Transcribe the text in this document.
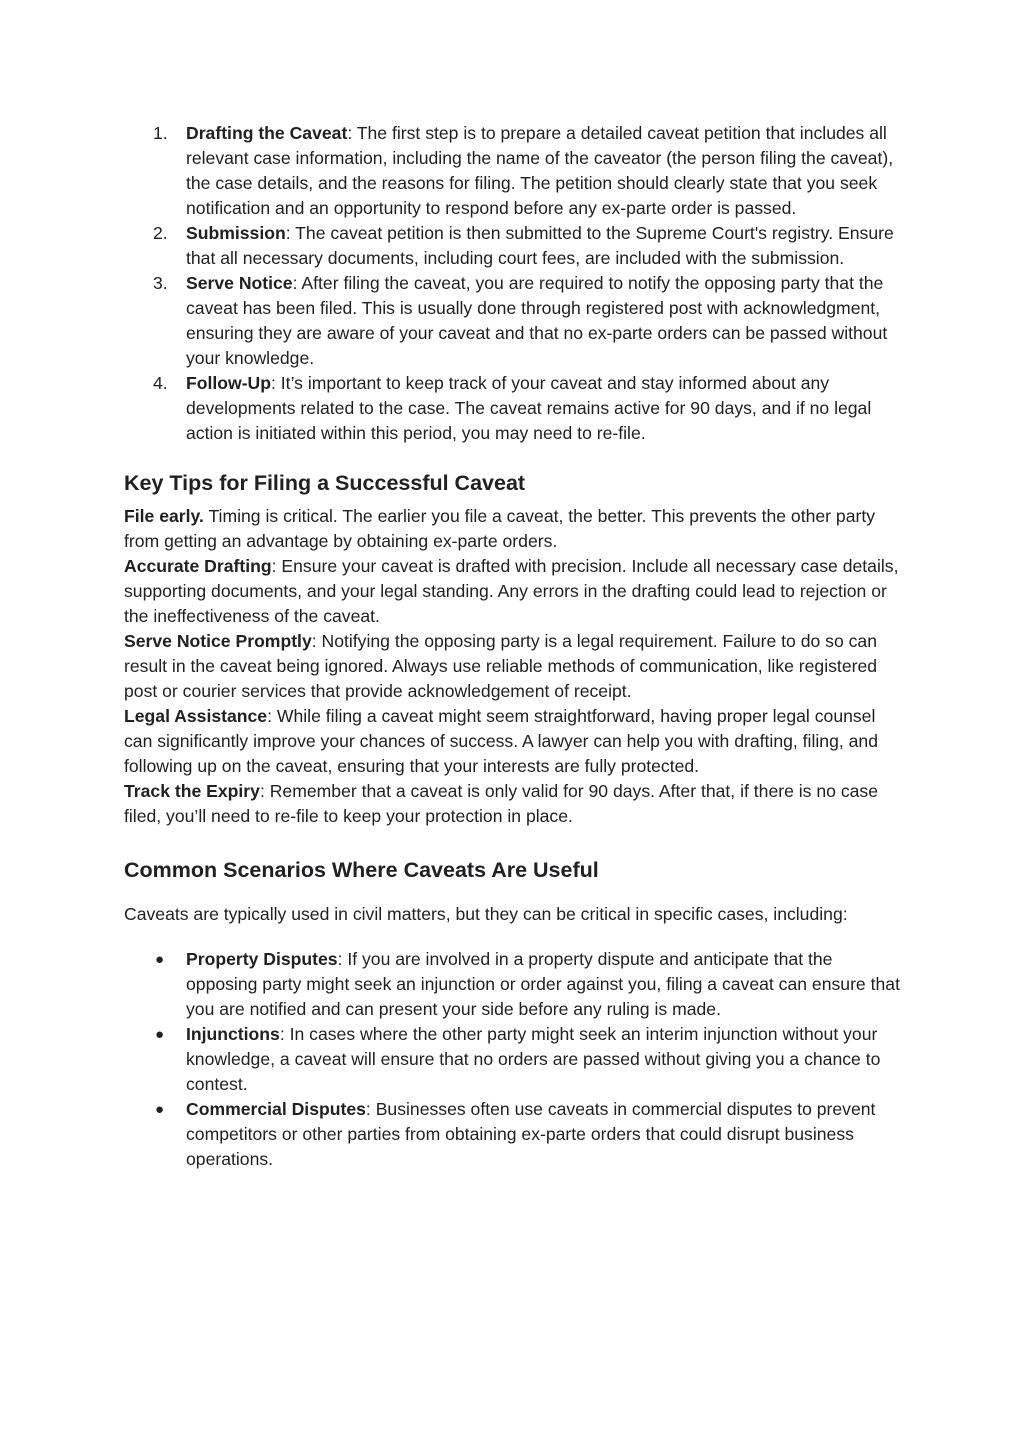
1. Drafting the Caveat: The first step is to prepare a detailed caveat petition that includes all relevant case information, including the name of the caveator (the person filing the caveat), the case details, and the reasons for filing. The petition should clearly state that you seek notification and an opportunity to respond before any ex-parte order is passed.
2. Submission: The caveat petition is then submitted to the Supreme Court's registry. Ensure that all necessary documents, including court fees, are included with the submission.
3. Serve Notice: After filing the caveat, you are required to notify the opposing party that the caveat has been filed. This is usually done through registered post with acknowledgment, ensuring they are aware of your caveat and that no ex-parte orders can be passed without your knowledge.
4. Follow-Up: It’s important to keep track of your caveat and stay informed about any developments related to the case. The caveat remains active for 90 days, and if no legal action is initiated within this period, you may need to re-file.
Key Tips for Filing a Successful Caveat

File early. Timing is critical. The earlier you file a caveat, the better. This prevents the other party from getting an advantage by obtaining ex-parte orders.

Accurate Drafting: Ensure your caveat is drafted with precision. Include all necessary case details, supporting documents, and your legal standing. Any errors in the drafting could lead to rejection or the ineffectiveness of the caveat.

Serve Notice Promptly: Notifying the opposing party is a legal requirement. Failure to do so can result in the caveat being ignored. Always use reliable methods of communication, like registered post or courier services that provide acknowledgement of receipt.

Legal Assistance: While filing a caveat might seem straightforward, having proper legal counsel can significantly improve your chances of success. A lawyer can help you with drafting, filing, and following up on the caveat, ensuring that your interests are fully protected.

Track the Expiry: Remember that a caveat is only valid for 90 days. After that, if there is no case filed, you’ll need to re-file to keep your protection in place.

Common Scenarios Where Caveats Are Useful

Caveats are typically used in civil matters, but they can be critical in specific cases, including:

● Property Disputes: If you are involved in a property dispute and anticipate that the opposing party might seek an injunction or order against you, filing a caveat can ensure that you are notified and can present your side before any ruling is made.
● Injunctions: In cases where the other party might seek an interim injunction without your knowledge, a caveat will ensure that no orders are passed without giving you a chance to contest.
● Commercial Disputes: Businesses often use caveats in commercial disputes to prevent competitors or other parties from obtaining ex-parte orders that could disrupt business operations.
